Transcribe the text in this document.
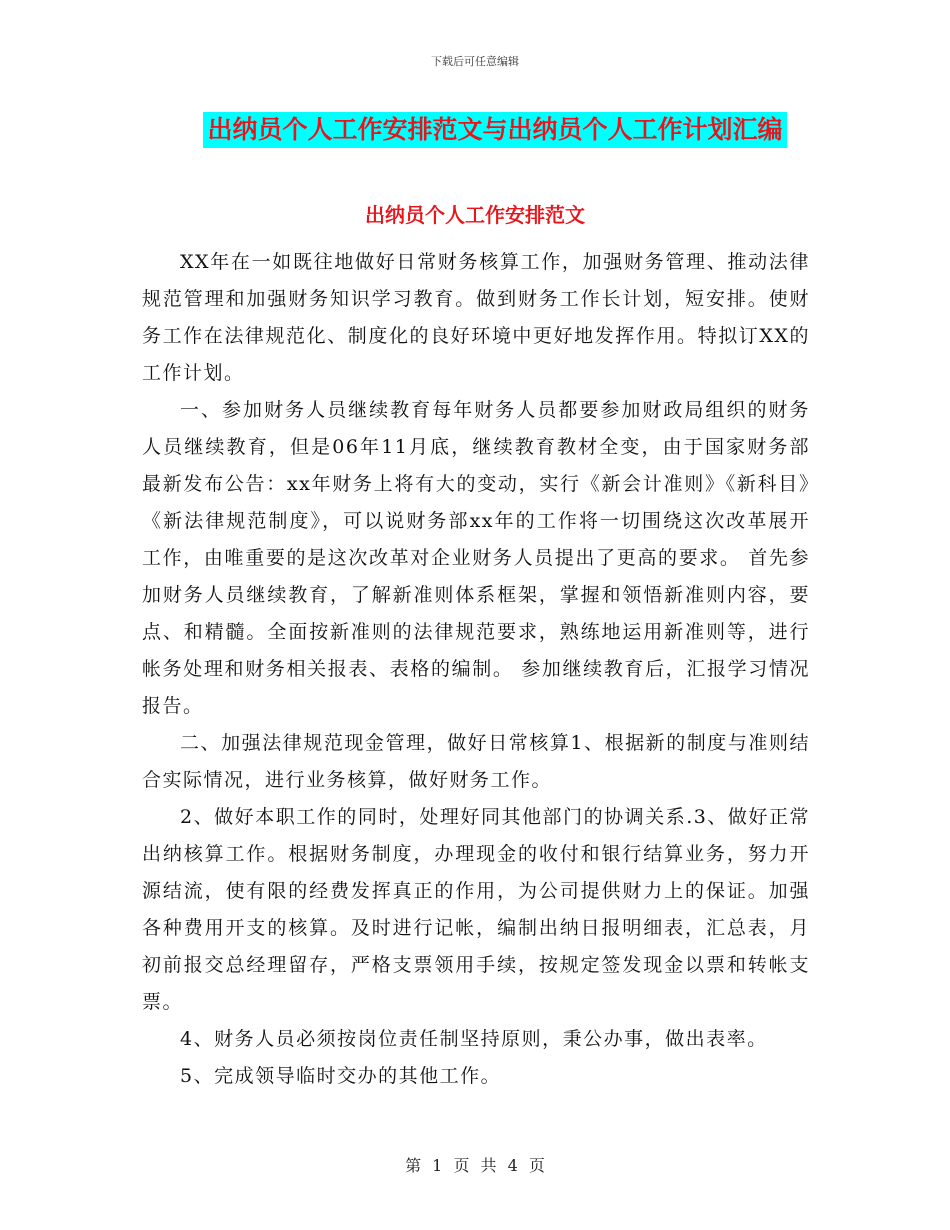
下载后可任意编辑
出纳员个人工作安排范文与出纳员个人工作计划汇编
出纳员个人工作安排范文

XX年在一如既往地做好日常财务核算工作，加强财务管理、推动法律规范管理和加强财务知识学习教育。做到财务工作长计划，短安排。使财务工作在法律规范化、制度化的良好环境中更好地发挥作用。特拟订XX的工作计划。

一、参加财务人员继续教育每年财务人员都要参加财政局组织的财务人员继续教育，但是06年11月底，继续教育教材全变，由于国家财务部最新发布公告：xx年财务上将有大的变动，实行《新会计准则》《新科目》《新法律规范制度》，可以说财务部xx年的工作将一切围绕这次改革展开工作，由唯重要的是这次改革对企业财务人员提出了更高的要求。 首先参加财务人员继续教育，了解新准则体系框架，掌握和领悟新准则内容，要点、和精髓。全面按新准则的法律规范要求，熟练地运用新准则等，进行帐务处理和财务相关报表、表格的编制。 参加继续教育后，汇报学习情况报告。

二、加强法律规范现金管理，做好日常核算1、根据新的制度与准则结合实际情况，进行业务核算，做好财务工作。

2、做好本职工作的同时，处理好同其他部门的协调关系.3、做好正常出纳核算工作。根据财务制度，办理现金的收付和银行结算业务，努力开源结流，使有限的经费发挥真正的作用，为公司提供财力上的保证。加强各种费用开支的核算。及时进行记帐，编制出纳日报明细表，汇总表，月初前报交总经理留存，严格支票领用手续，按规定签发现金以票和转帐支票。

4、财务人员必须按岗位责任制坚持原则，秉公办事，做出表率。

5、完成领导临时交办的其他工作。

第 1 页 共 4 页
